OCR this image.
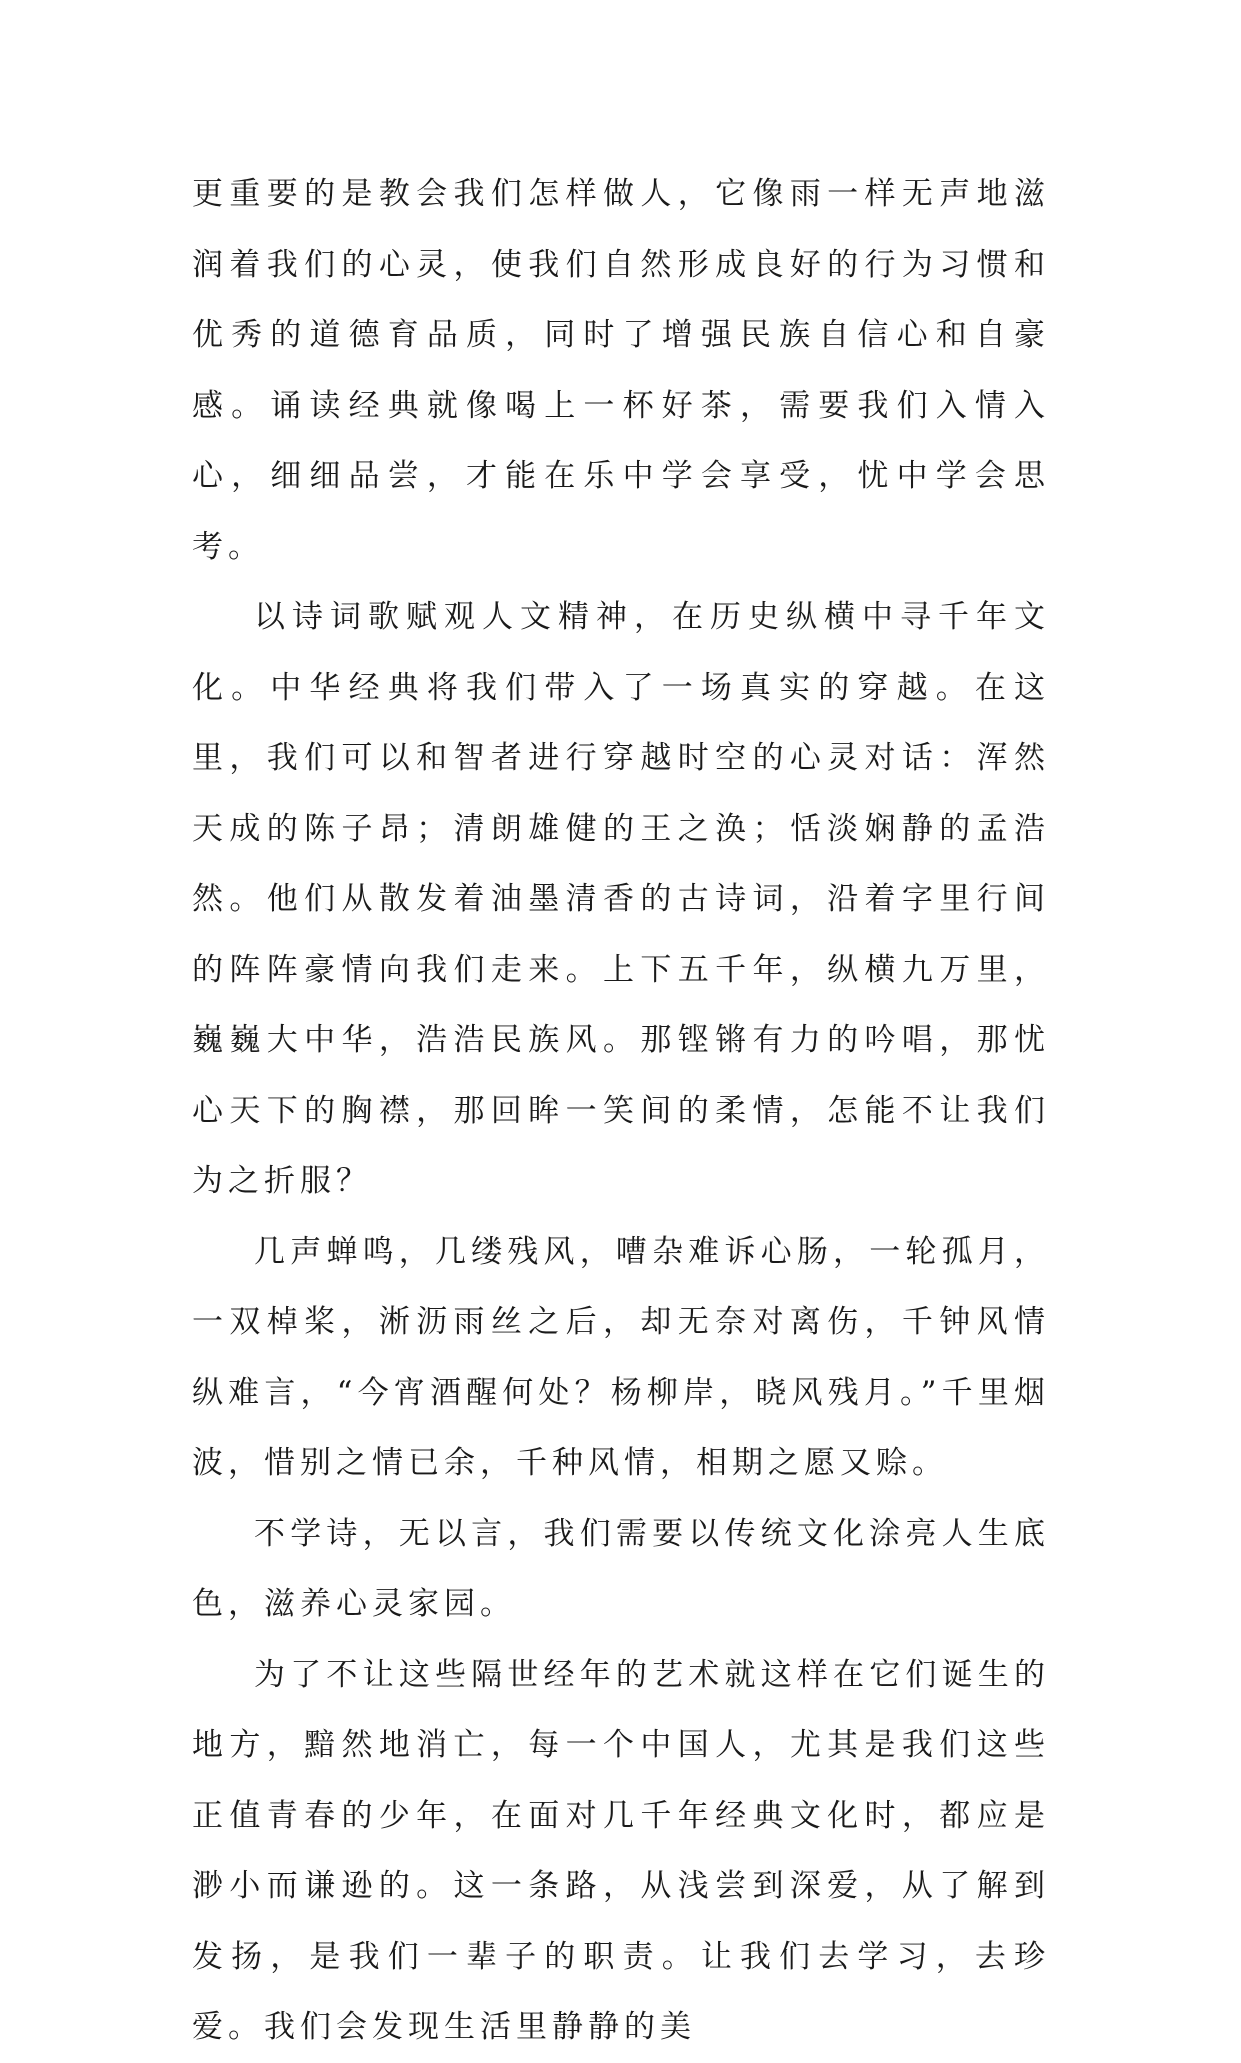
更重要的是教会我们怎样做人，它像雨一样无声地滋润着我们的心灵，使我们自然形成良好的行为习惯和优秀的道德育品质，同时了增强民族自信心和自豪感。诵读经典就像喝上一杯好茶，需要我们入情入心，细细品尝，才能在乐中学会享受，忧中学会思考。

以诗词歌赋观人文精神，在历史纵横中寻千年文化。中华经典将我们带入了一场真实的穿越。在这里，我们可以和智者进行穿越时空的心灵对话：浑然天成的陈子昂；清朗雄健的王之涣；恬淡娴静的孟浩然。他们从散发着油墨清香的古诗词，沿着字里行间的阵阵豪情向我们走来。上下五千年，纵横九万里，巍巍大中华，浩浩民族风。那铿锵有力的吟唱，那忧心天下的胸襟，那回眸一笑间的柔情，怎能不让我们为之折服？

几声蝉鸣，几缕残风，嘈杂难诉心肠，一轮孤月，一双棹桨，淅沥雨丝之后，却无奈对离伤，千钟风情纵难言，“今宵酒醒何处？杨柳岸，晓风残月。”千里烟波，惜别之情已余，千种风情，相期之愿又赊。

不学诗，无以言，我们需要以传统文化涂亮人生底色，滋养心灵家园。

为了不让这些隔世经年的艺术就这样在它们诞生的地方，黯然地消亡，每一个中国人，尤其是我们这些正值青春的少年，在面对几千年经典文化时，都应是渺小而谦逊的。这一条路，从浅尝到深爱，从了解到发扬，是我们一辈子的职责。让我们去学习，去珍爱。我们会发现生活里静静的美
